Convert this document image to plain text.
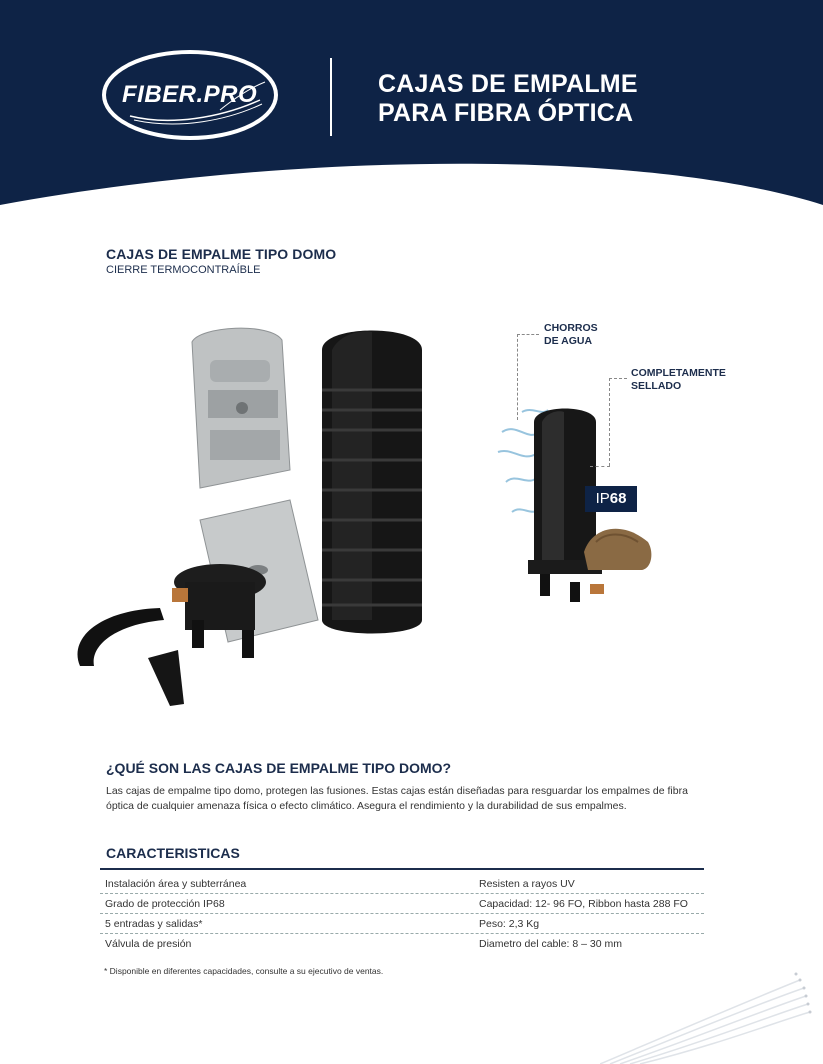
FIBER.PRO	CAJAS DE EMPALME
PARA FIBRA ÓPTICA
CAJAS DE EMPALME TIPO DOMO
CIERRE TERMOCONTRAÍBLE
CHORROS
DE AGUA
COMPLETAMENTE
SELLADO
IP68
¿QUÉ SON LAS CAJAS DE EMPALME TIPO DOMO?
Las cajas de empalme tipo domo, protegen las fusiones. Estas cajas están diseñadas para resguardar los empalmes de fibra óptica de cualquier amenaza física o efecto climático. Asegura el rendimiento y la durabilidad de sus empalmes.
CARACTERISTICAS
Instalación área y subterránea	Resisten a rayos UV
Grado de protección IP68	Capacidad: 12- 96 FO, Ribbon hasta 288 FO
5 entradas y salidas*	Peso: 2,3 Kg
Válvula de presión	Diametro del cable: 8 – 30 mm
* Disponible en diferentes capacidades, consulte a su ejecutivo de ventas.
